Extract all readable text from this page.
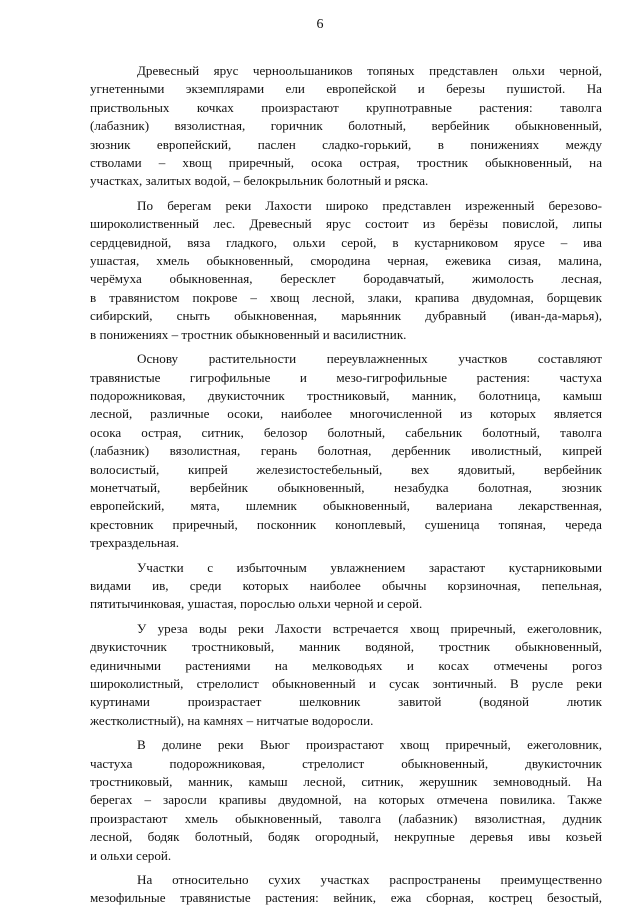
6
Древесный ярус черноольшаников топяных представлен ольхи черной,
угнетенными экземплярами ели европейской и березы пушистой. На
приствольных кочках произрастают крупнотравные растения: таволга
(лабазник) вязолистная, горичник болотный, вербейник обыкновенный,
зюзник европейский, паслен сладко-горький, в понижениях между
стволами – хвощ приречный, осока острая, тростник обыкновенный, на
участках, залитых водой, – белокрыльник болотный и ряска.
По берегам реки Лахости широко представлен изреженный березово-
широколиственный лес. Древесный ярус состоит из берёзы повислой, липы
сердцевидной, вяза гладкого, ольхи серой, в кустарниковом ярусе – ива
ушастая, хмель обыкновенный, смородина черная, ежевика сизая, малина,
черёмуха обыкновенная, бересклет бородавчатый, жимолость лесная,
в травянистом покрове – хвощ лесной, злаки, крапива двудомная, борщевик
сибирский, сныть обыкновенная, марьянник дубравный (иван-да-марья),
в понижениях – тростник обыкновенный и василистник.
Основу растительности переувлажненных участков составляют
травянистые гигрофильные и мезо-гигрофильные растения: частуха
подорожниковая, двукисточник тростниковый, манник, болотница, камыш
лесной, различные осоки, наиболее многочисленной из которых является
осока острая, ситник, белозор болотный, сабельник болотный, таволга
(лабазник) вязолистная, герань болотная, дербенник иволистный, кипрей
волосистый, кипрей железистостебельный, вех ядовитый, вербейник
монетчатый, вербейник обыкновенный, незабудка болотная, зюзник
европейский, мята, шлемник обыкновенный, валериана лекарственная,
крестовник приречный, посконник коноплевый, сушеница топяная, череда
трехраздельная.
Участки с избыточным увлажнением зарастают кустарниковыми
видами ив, среди которых наиболее обычны корзиночная, пепельная,
пятитычинковая, ушастая, порослью ольхи черной и серой.
У уреза воды реки Лахости встречается хвощ приречный, ежеголовник,
двукисточник тростниковый, манник водяной, тростник обыкновенный,
единичными растениями на мелководьях и косах отмечены рогоз
широколистный, стрелолист обыкновенный и сусак зонтичный. В русле реки
куртинами произрастает шелковник завитой (водяной лютик
жестколистный), на камнях – нитчатые водоросли.
В долине реки Вьюг произрастают хвощ приречный, ежеголовник,
частуха подорожниковая, стрелолист обыкновенный, двукисточник
тростниковый, манник, камыш лесной, ситник, жерушник земноводный. На
берегах – заросли крапивы двудомной, на которых отмечена повилика. Также
произрастают хмель обыкновенный, таволга (лабазник) вязолистная, дудник
лесной, бодяк болотный, бодяк огородный, некрупные деревья ивы козьей
и ольхи серой.
На относительно сухих участках распространены преимущественно
мезофильные травянистые растения: вейник, ежа сборная, кострец безостый,
